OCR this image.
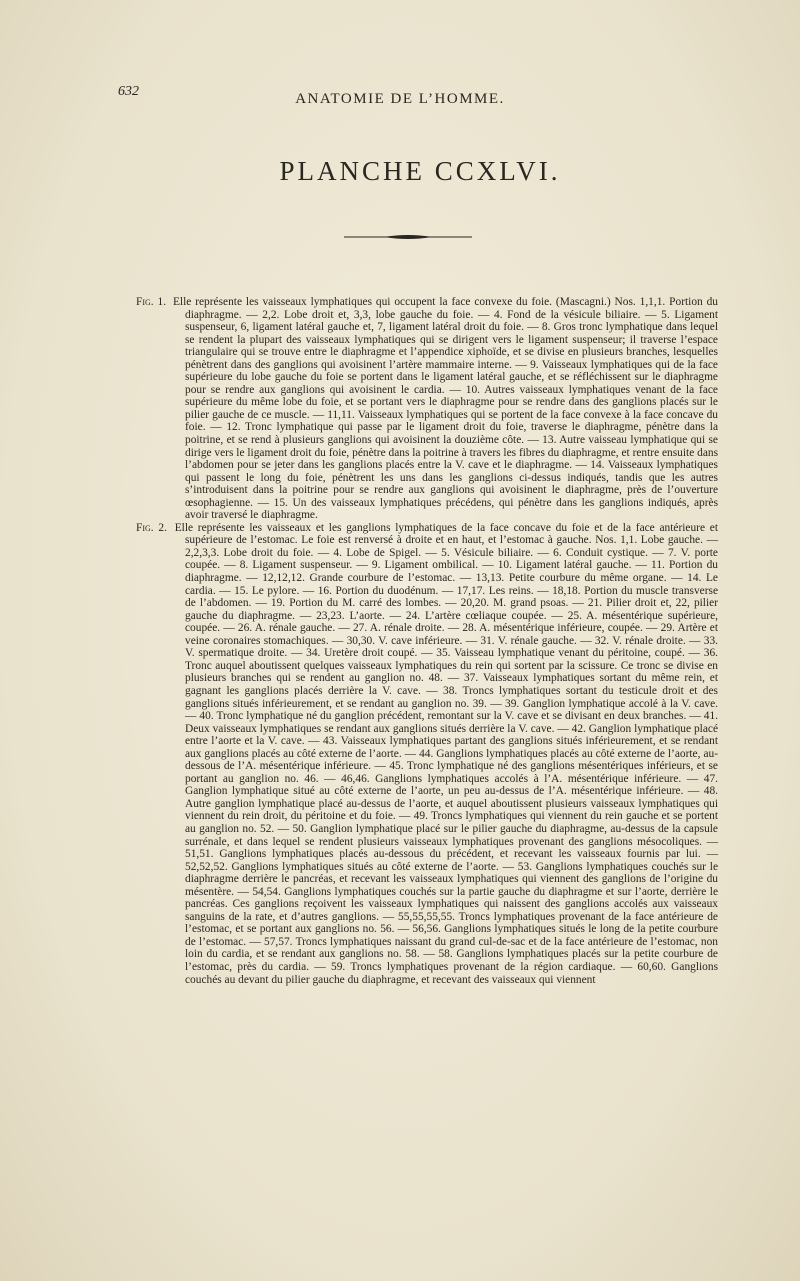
632	ANATOMIE DE L’HOMME.
PLANCHE CCXLVI.

Fig. 1. Elle représente les vaisseaux lymphatiques qui occupent la face convexe du foie. (Mascagni.) Nos. 1,1,1. Portion du diaphragme. — 2,2. Lobe droit et, 3,3, lobe gauche du foie. — 4. Fond de la vésicule biliaire. — 5. Ligament suspenseur, 6, ligament latéral gauche et, 7, ligament latéral droit du foie. — 8. Gros tronc lymphatique dans lequel se rendent la plupart des vaisseaux lymphatiques qui se dirigent vers le ligament suspenseur; il traverse l’espace triangulaire qui se trouve entre le diaphragme et l’appendice xiphoïde, et se divise en plusieurs branches, lesquelles pénètrent dans des ganglions qui avoisinent l’artère mammaire interne. — 9. Vaisseaux lymphatiques qui de la face supérieure du lobe gauche du foie se portent dans le ligament latéral gauche, et se réfléchissent sur le diaphragme pour se rendre aux ganglions qui avoisinent le cardia. — 10. Autres vaisseaux lymphatiques venant de la face supérieure du même lobe du foie, et se portant vers le diaphragme pour se rendre dans des ganglions placés sur le pilier gauche de ce muscle. — 11,11. Vaisseaux lymphatiques qui se portent de la face convexe à la face concave du foie. — 12. Tronc lymphatique qui passe par le ligament droit du foie, traverse le diaphragme, pénètre dans la poitrine, et se rend à plusieurs ganglions qui avoisinent la douzième côte. — 13. Autre vaisseau lymphatique qui se dirige vers le ligament droit du foie, pénètre dans la poitrine à travers les fibres du diaphragme, et rentre ensuite dans l’abdomen pour se jeter dans les ganglions placés entre la V. cave et le diaphragme. — 14. Vaisseaux lymphatiques qui passent le long du foie, pénètrent les uns dans les ganglions ci-dessus indiqués, tandis que les autres s’introduisent dans la poitrine pour se rendre aux ganglions qui avoisinent le diaphragme, près de l’ouverture œsophagienne. — 15. Un des vaisseaux lymphatiques précédens, qui pénètre dans les ganglions indiqués, après avoir traversé le diaphragme.

Fig. 2. Elle représente les vaisseaux et les ganglions lymphatiques de la face concave du foie et de la face antérieure et supérieure de l’estomac. Le foie est renversé à droite et en haut, et l’estomac à gauche. Nos. 1,1. Lobe gauche. — 2,2,3,3. Lobe droit du foie. — 4. Lobe de Spigel. — 5. Vésicule biliaire. — 6. Conduit cystique. — 7. V. porte coupée. — 8. Ligament suspenseur. — 9. Ligament ombilical. — 10. Ligament latéral gauche. — 11. Portion du diaphragme. — 12,12,12. Grande courbure de l’estomac. — 13,13. Petite courbure du même organe. — 14. Le cardia. — 15. Le pylore. — 16. Portion du duodénum. — 17,17. Les reins. — 18,18. Portion du muscle transverse de l’abdomen. — 19. Portion du M. carré des lombes. — 20,20. M. grand psoas. — 21. Pilier droit et, 22, pilier gauche du diaphragme. — 23,23. L’aorte. — 24. L’artère cœliaque coupée. — 25. A. mésentérique supérieure, coupée. — 26. A. rénale gauche. — 27. A. rénale droite. — 28. A. mésentérique inférieure, coupée. — 29. Artère et veine coronaires stomachiques. — 30,30. V. cave inférieure. — 31. V. rénale gauche. — 32. V. rénale droite. — 33. V. spermatique droite. — 34. Uretère droit coupé. — 35. Vaisseau lymphatique venant du péritoine, coupé. — 36. Tronc auquel aboutissent quelques vaisseaux lymphatiques du rein qui sortent par la scissure. Ce tronc se divise en plusieurs branches qui se rendent au ganglion no. 48. — 37. Vaisseaux lymphatiques sortant du même rein, et gagnant les ganglions placés derrière la V. cave. — 38. Troncs lymphatiques sortant du testicule droit et des ganglions situés inférieurement, et se rendant au ganglion no. 39. — 39. Ganglion lymphatique accolé à la V. cave. — 40. Tronc lymphatique né du ganglion précédent, remontant sur la V. cave et se divisant en deux branches. — 41. Deux vaisseaux lymphatiques se rendant aux ganglions situés derrière la V. cave. — 42. Ganglion lymphatique placé entre l’aorte et la V. cave. — 43. Vaisseaux lymphatiques partant des ganglions situés inférieurement, et se rendant aux ganglions placés au côté externe de l’aorte. — 44. Ganglions lymphatiques placés au côté externe de l’aorte, au-dessous de l’A. mésentérique inférieure. — 45. Tronc lymphatique né des ganglions mésentériques inférieurs, et se portant au ganglion no. 46. — 46,46. Ganglions lymphatiques accolés à l’A. mésentérique inférieure. — 47. Ganglion lymphatique situé au côté externe de l’aorte, un peu au-dessus de l’A. mésentérique inférieure. — 48. Autre ganglion lymphatique placé au-dessus de l’aorte, et auquel aboutissent plusieurs vaisseaux lymphatiques qui viennent du rein droit, du péritoine et du foie. — 49. Troncs lymphatiques qui viennent du rein gauche et se portent au ganglion no. 52. — 50. Ganglion lymphatique placé sur le pilier gauche du diaphragme, au-dessus de la capsule surrénale, et dans lequel se rendent plusieurs vaisseaux lymphatiques provenant des ganglions mésocoliques. — 51,51. Ganglions lymphatiques placés au-dessous du précédent, et recevant les vaisseaux fournis par lui. — 52,52,52. Ganglions lymphatiques situés au côté externe de l’aorte. — 53. Ganglions lymphatiques couchés sur le diaphragme derrière le pancréas, et recevant les vaisseaux lymphatiques qui viennent des ganglions de l’origine du mésentère. — 54,54. Ganglions lymphatiques couchés sur la partie gauche du diaphragme et sur l’aorte, derrière le pancréas. Ces ganglions reçoivent les vaisseaux lymphatiques qui naissent des ganglions accolés aux vaisseaux sanguins de la rate, et d’autres ganglions. — 55,55,55,55. Troncs lymphatiques provenant de la face antérieure de l’estomac, et se portant aux ganglions no. 56. — 56,56. Ganglions lymphatiques situés le long de la petite courbure de l’estomac. — 57,57. Troncs lymphatiques naissant du grand cul-de-sac et de la face antérieure de l’estomac, non loin du cardia, et se rendant aux ganglions no. 58. — 58. Ganglions lymphatiques placés sur la petite courbure de l’estomac, près du cardia. — 59. Troncs lymphatiques provenant de la région cardiaque. — 60,60. Ganglions couchés au devant du pilier gauche du diaphragme, et recevant des vaisseaux qui viennent
